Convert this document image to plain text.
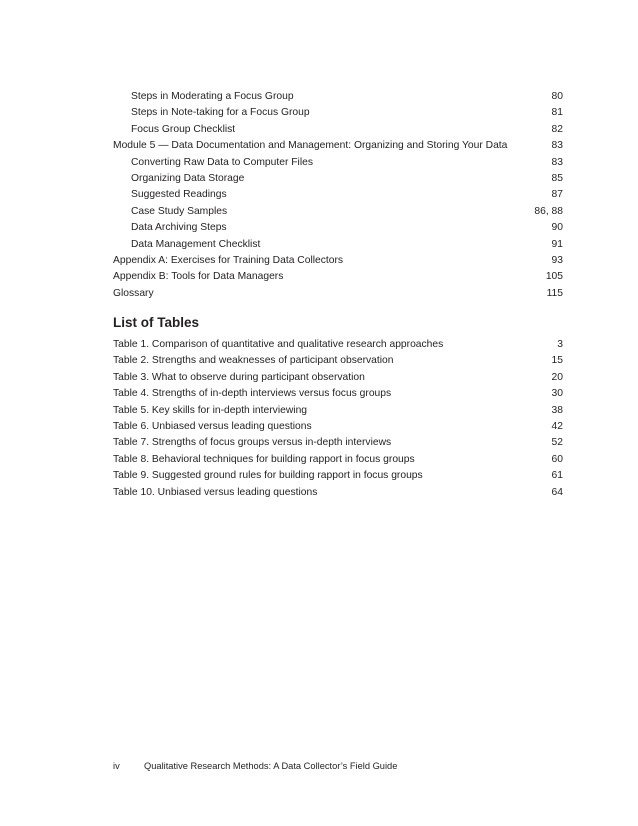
Steps in Moderating a Focus Group	80
Steps in Note-taking for a Focus Group	81
Focus Group Checklist	82
Module 5 — Data Documentation and Management: Organizing and Storing Your Data	83
Converting Raw Data to Computer Files	83
Organizing Data Storage	85
Suggested Readings	87
Case Study Samples	86, 88
Data Archiving Steps	90
Data Management Checklist	91
Appendix A: Exercises for Training Data Collectors	93
Appendix B: Tools for Data Managers	105
Glossary	115
List of Tables
Table 1. Comparison of quantitative and qualitative research approaches	3
Table 2. Strengths and weaknesses of participant observation	15
Table 3. What to observe during participant observation	20
Table 4. Strengths of in-depth interviews versus focus groups	30
Table 5. Key skills for in-depth interviewing	38
Table 6. Unbiased versus leading questions	42
Table 7. Strengths of focus groups versus in-depth interviews	52
Table 8. Behavioral techniques for building rapport in focus groups	60
Table 9. Suggested ground rules for building rapport in focus groups	61
Table 10. Unbiased versus leading questions	64
iv	Qualitative Research Methods: A Data Collector’s Field Guide
